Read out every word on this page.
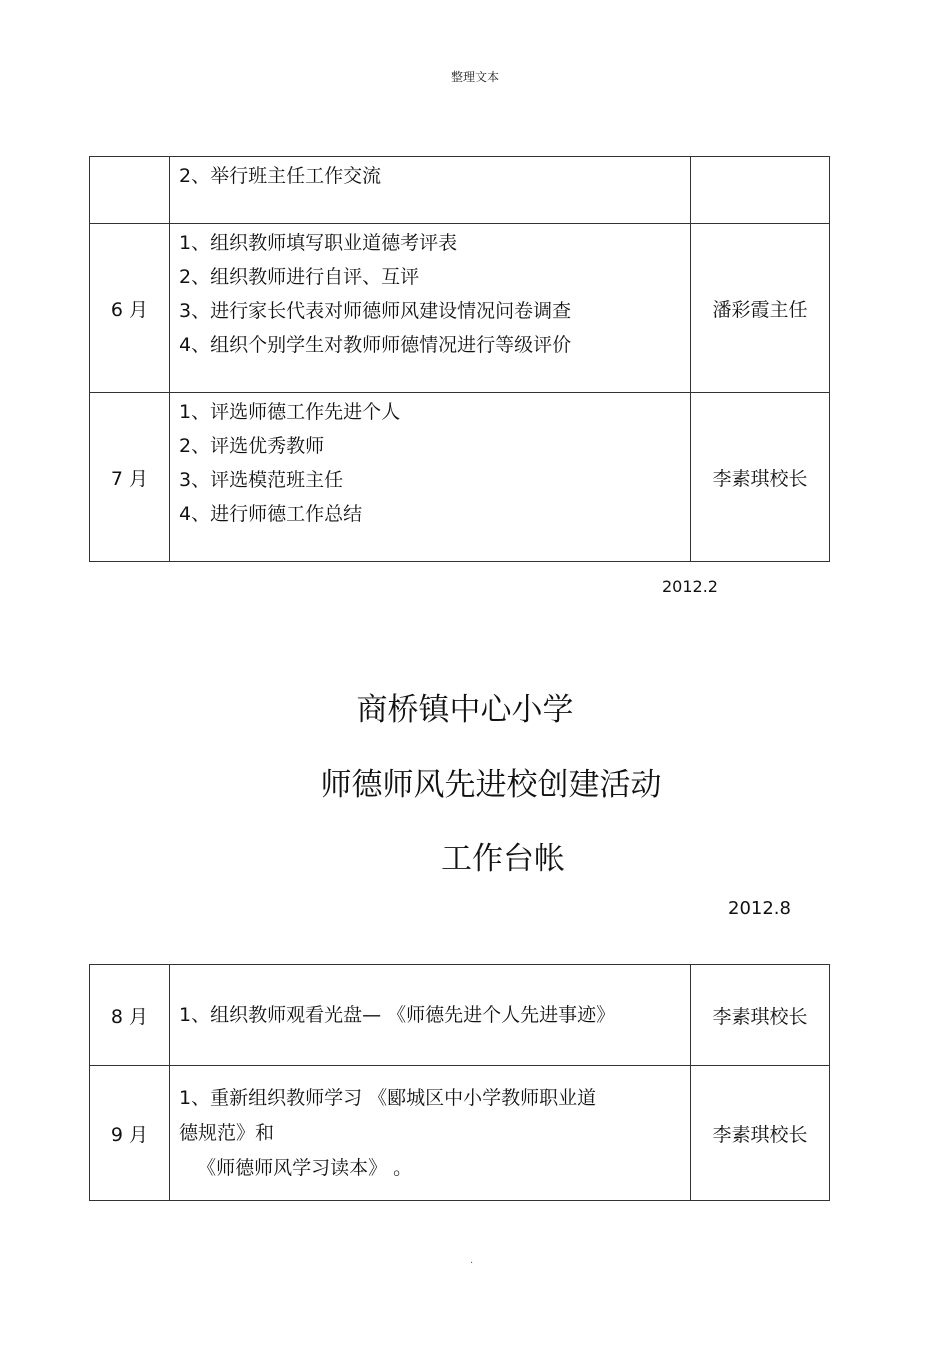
整理文本

	2、举行班主任工作交流	

6 月	1、组织教师填写职业道德考评表
2、组织教师进行自评、互评
3、进行家长代表对师德师风建设情况问卷调查
4、组织个别学生对教师师德情况进行等级评价	潘彩霞主任
7 月	1、评选师德工作先进个人
2、评选优秀教师
3、评选模范班主任
4、进行师德工作总结	李素琪校长
2012.2
商桥镇中心小学
师德师风先进校创建活动
工作台帐
2012.8
8 月	1、组织教师观看光盘— 《师德先进个人先进事迹》	李素琪校长
9 月	1、重新组织教师学习 《郾城区中小学教师职业道
德规范》和
《师德师风学习读本》 。	李素琪校长
.
